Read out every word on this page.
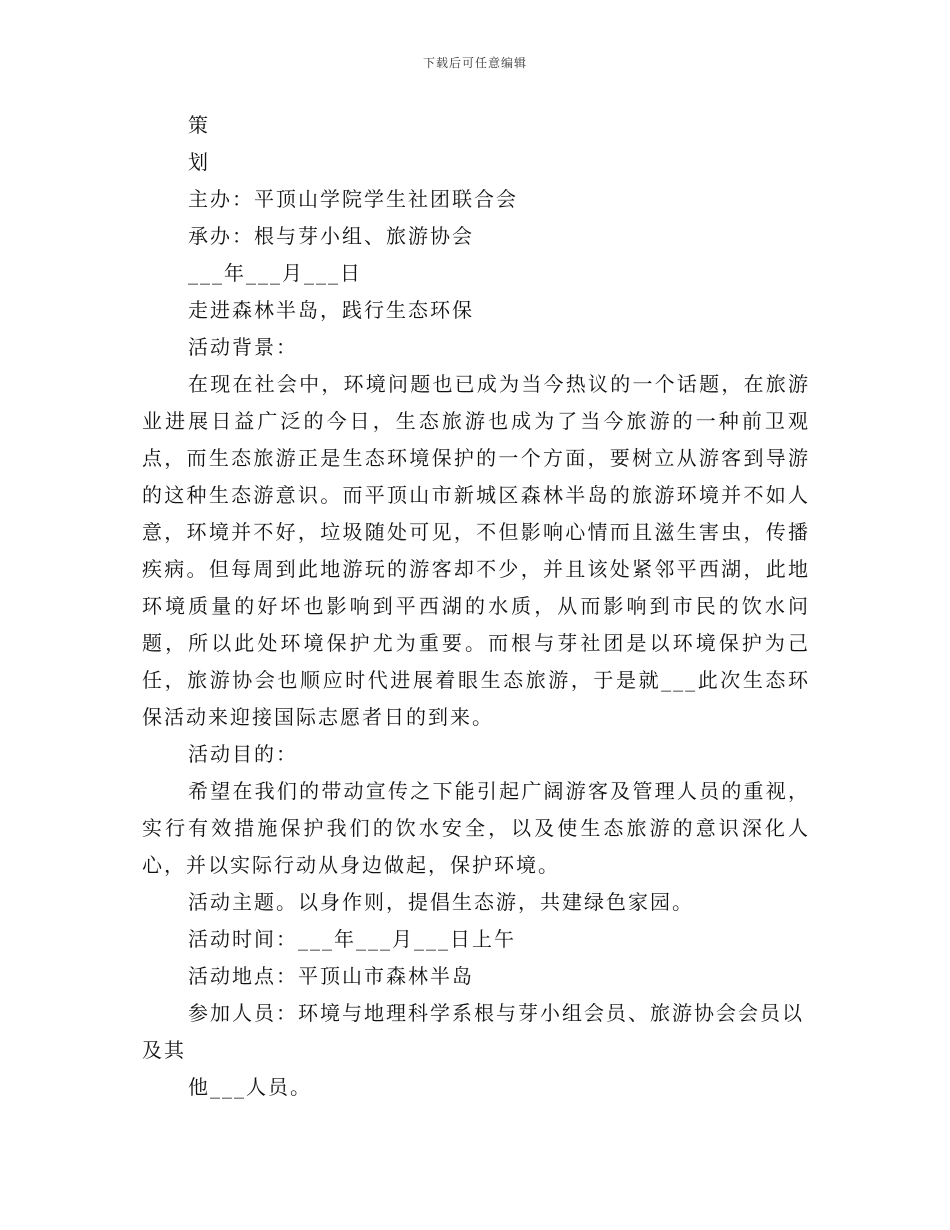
下载后可任意编辑

策

划

主办：平顶山学院学生社团联合会

承办：根与芽小组、旅游协会

___年___月___日

走进森林半岛，践行生态环保

活动背景：

在现在社会中，环境问题也已成为当今热议的一个话题，在旅游业进展日益广泛的今日，生态旅游也成为了当今旅游的一种前卫观点，而生态旅游正是生态环境保护的一个方面，要树立从游客到导游的这种生态游意识。而平顶山市新城区森林半岛的旅游环境并不如人意，环境并不好，垃圾随处可见，不但影响心情而且滋生害虫，传播疾病。但每周到此地游玩的游客却不少，并且该处紧邻平西湖，此地环境质量的好坏也影响到平西湖的水质，从而影响到市民的饮水问题，所以此处环境保护尤为重要。而根与芽社团是以环境保护为己任，旅游协会也顺应时代进展着眼生态旅游，于是就___此次生态环保活动来迎接国际志愿者日的到来。

活动目的：

希望在我们的带动宣传之下能引起广阔游客及管理人员的重视，实行有效措施保护我们的饮水安全，以及使生态旅游的意识深化人心，并以实际行动从身边做起，保护环境。

活动主题。以身作则，提倡生态游，共建绿色家园。

活动时间：___年___月___日上午

活动地点：平顶山市森林半岛

参加人员：环境与地理科学系根与芽小组会员、旅游协会会员以

及其

他___人员。
